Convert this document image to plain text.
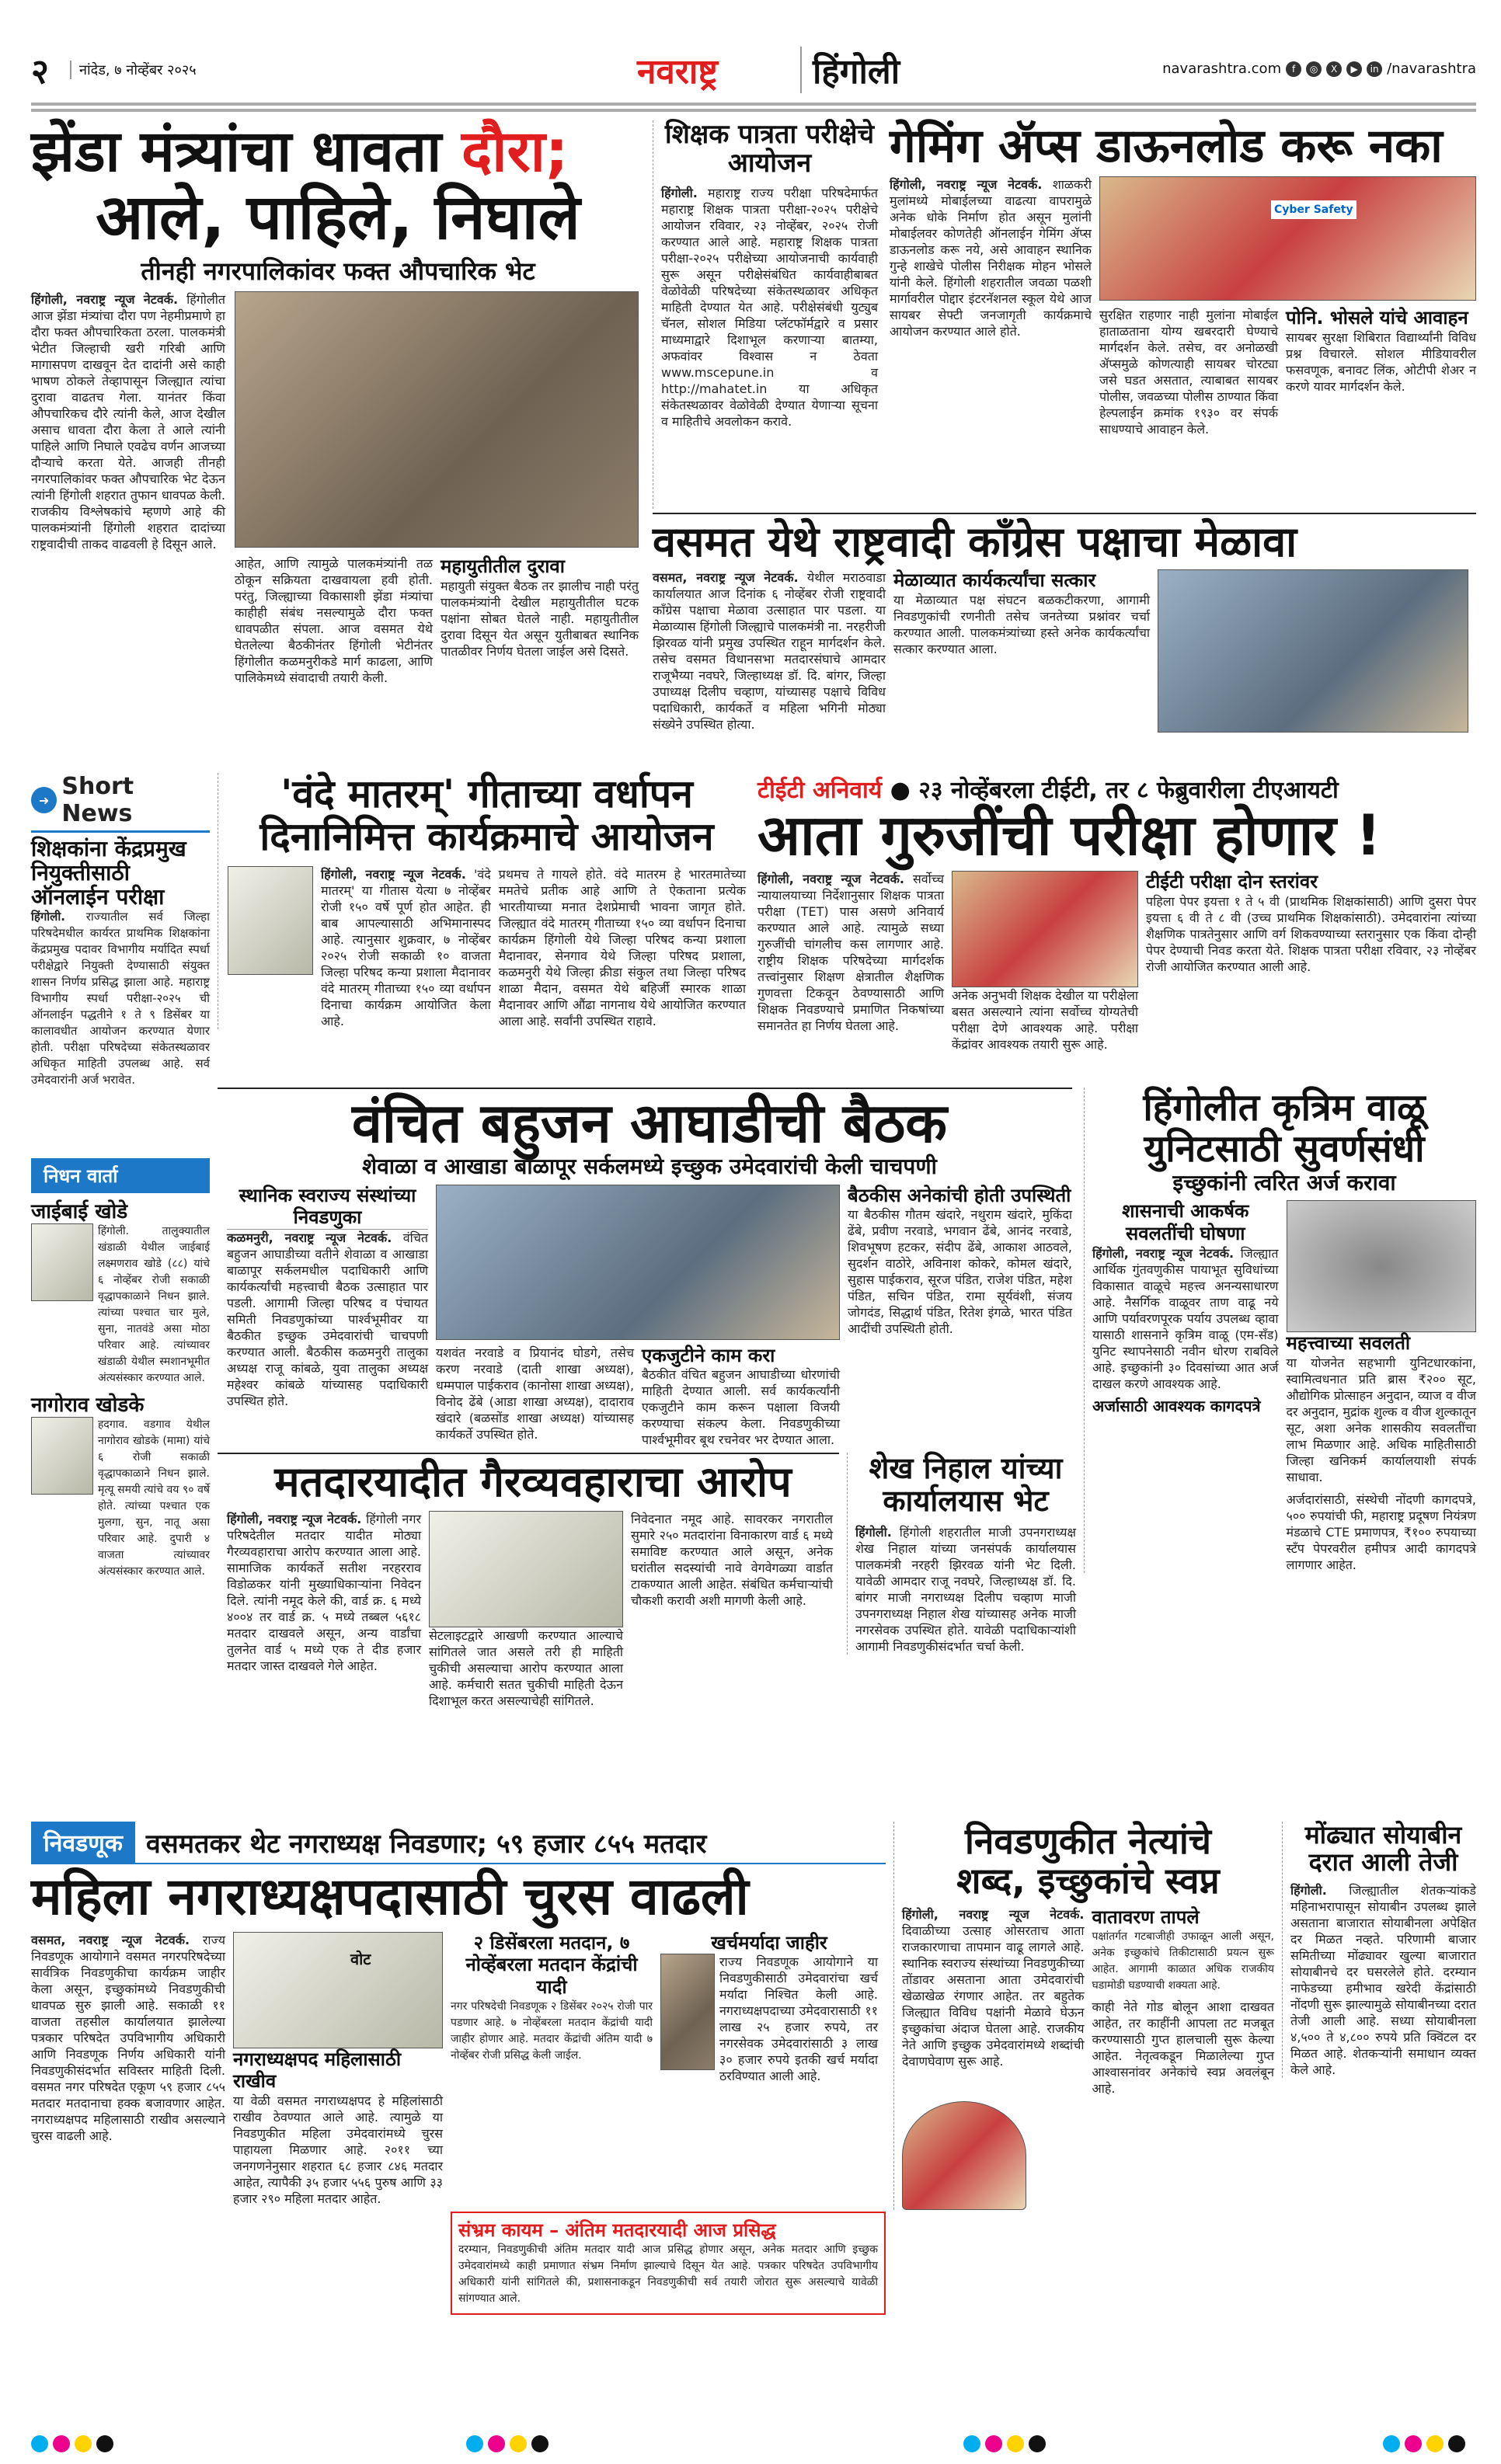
२	नांदेड, ७ नोव्हेंबर २०२५	नवराष्ट्र	हिंगोली	navarashtra.com	f	◎	X	▶	in /navarashtra
झेंडा मंत्र्यांचा धावता दौरा;
आले, पाहिले, निघाले
तीनही नगरपालिकांवर फक्त औपचारिक भेट
हिंगोली, नवराष्ट्र न्यूज नेटवर्क. हिंगोलीत आज झेंडा मंत्र्यांचा दौरा पण नेहमीप्रमाणे हा दौरा फक्त औपचारिकता ठरला. पालकमंत्री भेटीत जिल्हाची खरी गरिबी आणि मागासपण दाखवून देत दादांनी असे काही भाषण ठोकले तेव्हापासून जिल्ह्यात त्यांचा दुरावा वाढतच गेला. यानंतर किंवा औपचारिकच दौरे त्यांनी केले, आज देखील असाच धावता दौरा केला ते आले त्यांनी पाहिले आणि निघाले एवढेच वर्णन आजच्या दौऱ्याचे करता येते. आजही तीनही नगरपालिकांवर फक्त औपचारिक भेट देऊन त्यांनी हिंगोली शहरात तुफान धावपळ केली. राजकीय विश्लेषकांचे म्हणणे आहे की पालकमंत्र्यांनी हिंगोली शहरात दादांच्या राष्ट्रवादीची ताकद वाढवली हे दिसून आले.
आहेत, आणि त्यामुळे पालकमंत्र्यांनी तळ ठोकून सक्रियता दाखवायला हवी होती. परंतु, जिल्ह्याच्या विकासाशी झेंडा मंत्र्यांचा काहीही संबंध नसल्यामुळे दौरा फक्त धावपळीत संपला. आज वसमत येथे घेतलेल्या बैठकीनंतर हिंगोली भेटीनंतर हिंगोलीत कळमनुरीकडे मार्ग काढला, आणि पालिकेमध्ये संवादाची तयारी केली.
महायुतीतील दुरावा
महायुती संयुक्त बैठक तर झालीच नाही परंतु पालकमंत्र्यांनी देखील महायुतीतील घटक पक्षांना सोबत घेतले नाही. महायुतीतील दुरावा दिसून येत असून युतीबाबत स्थानिक पातळीवर निर्णय घेतला जाईल असे दिसते.
शिक्षक पात्रता परीक्षेचे आयोजन
हिंगोली. महाराष्ट्र राज्य परीक्षा परिषदेमार्फत महाराष्ट्र शिक्षक पात्रता परीक्षा-२०२५ परीक्षेचे आयोजन रविवार, २३ नोव्हेंबर, २०२५ रोजी करण्यात आले आहे. महाराष्ट्र शिक्षक पात्रता परीक्षा-२०२५ परीक्षेच्या आयोजनाची कार्यवाही सुरू असून परीक्षेसंबंधित कार्यवाहीबाबत वेळोवेळी परिषदेच्या संकेतस्थळावर अधिकृत माहिती देण्यात येत आहे. परीक्षेसंबंधी युट्युब चॅनल, सोशल मिडिया प्लॅटफॉर्मद्वारे व प्रसार माध्यमाद्वारे दिशाभूल करणाऱ्या बातम्या, अफवांवर विश्वास न ठेवता www.mscepune.in व http://mahatet.in या अधिकृत संकेतस्थळावर वेळोवेळी देण्यात येणाऱ्या सूचना व माहितीचे अवलोकन करावे.
गेमिंग ॲप्स डाऊनलोड करू नका
हिंगोली, नवराष्ट्र न्यूज नेटवर्क. शाळकरी मुलांमध्ये मोबाईलच्या वाढत्या वापरामुळे अनेक धोके निर्माण होत असून मुलांनी मोबाईलवर कोणतेही ऑनलाईन गेमिंग ॲप्स डाऊनलोड करू नये, असे आवाहन स्थानिक गुन्हे शाखेचे पोलीस निरीक्षक मोहन भोसले यांनी केले. हिंगोली शहरातील जवळा पळशी मार्गावरील पोद्दार इंटरनॅशनल स्कूल येथे आज सायबर सेफ्टी जनजागृती कार्यक्रमाचे आयोजन करण्यात आले होते.
Cyber Safety
सुरक्षित राहणार नाही मुलांना मोबाईल हाताळताना योग्य खबरदारी घेण्याचे मार्गदर्शन केले. तसेच, वर अनोळखी ॲप्समुळे कोणत्याही सायबर चोरट्या जसे घडत असतात, त्याबाबत सायबर पोलीस, जवळच्या पोलीस ठाण्यात किंवा हेल्पलाईन क्रमांक १९३० वर संपर्क साधण्याचे आवाहन केले.
पोनि. भोसले यांचे आवाहन
सायबर सुरक्षा शिबिरात विद्यार्थ्यांनी विविध प्रश्न विचारले. सोशल मीडियावरील फसवणूक, बनावट लिंक, ओटीपी शेअर न करणे यावर मार्गदर्शन केले.
वसमत येथे राष्ट्रवादी काँग्रेस पक्षाचा मेळावा
वसमत, नवराष्ट्र न्यूज नेटवर्क. येथील मराठवाडा कार्यालयात आज दिनांक ६ नोव्हेंबर रोजी राष्ट्रवादी काँग्रेस पक्षाचा मेळावा उत्साहात पार पडला. या मेळाव्यास हिंगोली जिल्ह्याचे पालकमंत्री ना. नरहरीजी झिरवळ यांनी प्रमुख उपस्थित राहून मार्गदर्शन केले. तसेच वसमत विधानसभा मतदारसंघाचे आमदार राजूभैय्या नवघरे, जिल्हाध्यक्ष डॉ. दि. बांगर, जिल्हा उपाध्यक्ष दिलीप चव्हाण, यांच्यासह पक्षाचे विविध पदाधिकारी, कार्यकर्ते व महिला भगिनी मोठ्या संख्येने उपस्थित होत्या.
मेळाव्यात कार्यकर्त्यांचा सत्कार
या मेळाव्यात पक्ष संघटन बळकटीकरणा, आगामी निवडणुकांची रणनीती तसेच जनतेच्या प्रश्नांवर चर्चा करण्यात आली. पालकमंत्र्यांच्या हस्ते अनेक कार्यकर्त्यांचा सत्कार करण्यात आला.
➜ Short News
शिक्षकांना केंद्रप्रमुख नियुक्तीसाठी ऑनलाईन परीक्षा
हिंगोली. राज्यातील सर्व जिल्हा परिषदेमधील कार्यरत प्राथमिक शिक्षकांना केंद्रप्रमुख पदावर विभागीय मर्यादित स्पर्धा परीक्षेद्वारे नियुक्ती देण्यासाठी संयुक्त शासन निर्णय प्रसिद्ध झाला आहे. महाराष्ट्र विभागीय स्पर्धा परीक्षा-२०२५ ची ऑनलाईन पद्धतीने १ ते ९ डिसेंबर या कालावधीत आयोजन करण्यात येणार होती. परीक्षा परिषदेच्या संकेतस्थळावर अधिकृत माहिती उपलब्ध आहे. सर्व उमेदवारांनी अर्ज भरावेत.
निधन वार्ता
जाईबाई खोडे
हिंगोली. तालुक्यातील खंडाळी येथील जाईबाई लक्ष्मणराव खोडे (८८) यांचे ६ नोव्हेंबर रोजी सकाळी वृद्धापकाळाने निधन झाले. त्यांच्या पश्चात चार मुले, सुना, नातवंडे असा मोठा परिवार आहे. त्यांच्यावर खंडाळी येथील स्मशानभूमीत अंत्यसंस्कार करण्यात आले.
नागोराव खोडके
हदगाव. वडगाव येथील नागोराव खोडके (मामा) यांचे ६ रोजी सकाळी वृद्धापकाळाने निधन झाले. मृत्यू समयी त्यांचे वय ९० वर्षे होते. त्यांच्या पश्चात एक मुलगा, सुन, नातू असा परिवार आहे. दुपारी ४ वाजता त्यांच्यावर अंत्यसंस्कार करण्यात आले.
'वंदे मातरम्' गीताच्या वर्धापन
दिनानिमित्त कार्यक्रमाचे आयोजन
हिंगोली, नवराष्ट्र न्यूज नेटवर्क. 'वंदे मातरम्' या गीतास येत्या ७ नोव्हेंबर रोजी १५० वर्षे पूर्ण होत आहेत. ही बाब आपल्यासाठी अभिमानास्पद आहे. त्यानुसार शुक्रवार, ७ नोव्हेंबर २०२५ रोजी सकाळी १० वाजता जिल्हा परिषद कन्या प्रशाला मैदानावर वंदे मातरम् गीताच्या १५० व्या वर्धापन दिनाचा कार्यक्रम आयोजित केला आहे.
प्रथमच ते गायले होते. वंदे मातरम हे भारतमातेच्या ममतेचे प्रतीक आहे आणि ते ऐकताना प्रत्येक भारतीयाच्या मनात देशप्रेमाची भावना जागृत होते. जिल्ह्यात वंदे मातरम् गीताच्या १५० व्या वर्धापन दिनाचा कार्यक्रम हिंगोली येथे जिल्हा परिषद कन्या प्रशाला मैदानावर, सेनगाव येथे जिल्हा परिषद प्रशाला, कळमनुरी येथे जिल्हा क्रीडा संकुल तथा जिल्हा परिषद शाळा मैदान, वसमत येथे बहिर्जी स्मारक शाळा मैदानावर आणि औंढा नागनाथ येथे आयोजित करण्यात आला आहे. सर्वांनी उपस्थित राहावे.
टीईटी अनिवार्य ● २३ नोव्हेंबरला टीईटी, तर ८ फेब्रुवारीला टीएआयटी
आता गुरुजींची परीक्षा होणार !
हिंगोली, नवराष्ट्र न्यूज नेटवर्क. सर्वोच्च न्यायालयाच्या निर्देशानुसार शिक्षक पात्रता परीक्षा (TET) पास असणे अनिवार्य करण्यात आले आहे. त्यामुळे सध्या गुरुजींची चांगलीच कस लागणार आहे. राष्ट्रीय शिक्षक परिषदेच्या मार्गदर्शक तत्त्वांनुसार शिक्षण क्षेत्रातील शैक्षणिक गुणवत्ता टिकवून ठेवण्यासाठी आणि शिक्षक निवडण्याचे प्रमाणित निकषांच्या समानतेत हा निर्णय घेतला आहे.
अनेक अनुभवी शिक्षक देखील या परीक्षेला बसत असल्याने त्यांना सर्वोच्च योग्यतेची परीक्षा देणे आवश्यक आहे. परीक्षा केंद्रांवर आवश्यक तयारी सुरू आहे.
टीईटी परीक्षा दोन स्तरांवर
पहिला पेपर इयत्ता १ ते ५ वी (प्राथमिक शिक्षकांसाठी) आणि दुसरा पेपर इयत्ता ६ वी ते ८ वी (उच्च प्राथमिक शिक्षकांसाठी). उमेदवारांना त्यांच्या शैक्षणिक पात्रतेनुसार आणि वर्ग शिकवण्याच्या स्तरानुसार एक किंवा दोन्ही पेपर देण्याची निवड करता येते. शिक्षक पात्रता परीक्षा रविवार, २३ नोव्हेंबर रोजी आयोजित करण्यात आली आहे.
वंचित बहुजन आघाडीची बैठक
शेवाळा व आखाडा बाळापूर सर्कलमध्ये इच्छुक उमेदवारांची केली चाचपणी
स्थानिक स्वराज्य संस्थांच्या निवडणुका
कळमनुरी, नवराष्ट्र न्यूज नेटवर्क. वंचित बहुजन आघाडीच्या वतीने शेवाळा व आखाडा बाळापूर सर्कलमधील पदाधिकारी आणि कार्यकर्त्यांची महत्त्वाची बैठक उत्साहात पार पडली. आगामी जिल्हा परिषद व पंचायत समिती निवडणुकांच्या पार्श्वभूमीवर या बैठकीत इच्छुक उमेदवारांची चाचपणी करण्यात आली. बैठकीस कळमनुरी तालुका अध्यक्ष राजू कांबळे, युवा तालुका अध्यक्ष महेश्वर कांबळे यांच्यासह पदाधिकारी उपस्थित होते.
यशवंत नरवाडे व प्रियानंद घोडगे, तसेच करण नरवाडे (दाती शाखा अध्यक्ष), धम्मपाल पाईकराव (कानोसा शाखा अध्यक्ष), विनोद ढेंबे (आडा शाखा अध्यक्ष), दादाराव खंदारे (बळसोंड शाखा अध्यक्ष) यांच्यासह कार्यकर्ते उपस्थित होते.
एकजुटीने काम करा
बैठकीत वंचित बहुजन आघाडीच्या धोरणांची माहिती देण्यात आली. सर्व कार्यकर्त्यांनी एकजुटीने काम करून पक्षाला विजयी करण्याचा संकल्प केला. निवडणुकीच्या पार्श्वभूमीवर बूथ रचनेवर भर देण्यात आला.
बैठकीस अनेकांची होती उपस्थिती
या बैठकीस गौतम खंदारे, नथुराम खंदारे, मुकिंदा ढेंबे, प्रवीण नरवाडे, भगवान ढेंबे, आनंद नरवाडे, शिवभूषण हटकर, संदीप ढेंबे, आकाश आठवले, सुदर्शन वाठोरे, अविनाश कोकरे, कोमल खंदारे, सुहास पाईकराव, सूरज पंडित, राजेश पंडित, महेश पंडित, सचिन पंडित, रामा सूर्यवंशी, संजय जोगदंड, सिद्धार्थ पंडित, रितेश इंगळे, भारत पंडित आदींची उपस्थिती होती.
हिंगोलीत कृत्रिम वाळू
युनिटसाठी सुवर्णसंधी
इच्छुकांनी त्वरित अर्ज करावा
शासनाची आकर्षक सवलतींची घोषणा
हिंगोली, नवराष्ट्र न्यूज नेटवर्क. जिल्ह्यात आर्थिक गुंतवणुकीस पायाभूत सुविधांच्या विकासात वाळूचे महत्त्व अनन्यसाधारण आहे. नैसर्गिक वाळूवर ताण वाढू नये आणि पर्यावरणपूरक पर्याय उपलब्ध व्हावा यासाठी शासनाने कृत्रिम वाळू (एम-सँड) युनिट स्थापनेसाठी नवीन धोरण राबविले आहे. इच्छुकांनी ३० दिवसांच्या आत अर्ज दाखल करणे आवश्यक आहे.
अर्जासाठी आवश्यक कागदपत्रे
महत्त्वाच्या सवलती
या योजनेत सहभागी युनिटधारकांना, स्वामित्वधनात प्रति ब्रास ₹२०० सूट, औद्योगिक प्रोत्साहन अनुदान, व्याज व वीज दर अनुदान, मुद्रांक शुल्क व वीज शुल्कातून सूट, अशा अनेक शासकीय सवलतींचा लाभ मिळणार आहे. अधिक माहितीसाठी जिल्हा खनिकर्म कार्यालयाशी संपर्क साधावा.
अर्जदारांसाठी, संस्थेची नोंदणी कागदपत्रे, ५०० रुपयांची फी, महाराष्ट्र प्रदूषण नियंत्रण मंडळाचे CTE प्रमाणपत्र, ₹१०० रुपयाच्या स्टँप पेपरवरील हमीपत्र आदी कागदपत्रे लागणार आहेत.
मतदारयादीत गैरव्यवहाराचा आरोप
हिंगोली, नवराष्ट्र न्यूज नेटवर्क. हिंगोली नगर परिषदेतील मतदार यादीत मोठ्या गैरव्यवहाराचा आरोप करण्यात आला आहे. सामाजिक कार्यकर्ते सतीश नरहरराव विडोळकर यांनी मुख्याधिकाऱ्यांना निवेदन दिले. त्यांनी नमूद केले की, वार्ड क्र. ६ मध्ये ४००४ तर वार्ड क्र. ५ मध्ये तब्बल ५६१८ मतदार दाखवले असून, अन्य वार्डांचा तुलनेत वार्ड ५ मध्ये एक ते दीड हजार मतदार जास्त दाखवले गेले आहेत.
सेटलाइटद्वारे आखणी करण्यात आल्याचे सांगितले जात असले तरी ही माहिती चुकीची असल्याचा आरोप करण्यात आला आहे. कर्मचारी सतत चुकीची माहिती देऊन दिशाभूल करत असल्याचेही सांगितले.
निवेदनात नमूद आहे. सावरकर नगरातील सुमारे २५० मतदारांना विनाकारण वार्ड ६ मध्ये समाविष्ट करण्यात आले असून, अनेक घरांतील सदस्यांची नावे वेगवेगळ्या वार्डात टाकण्यात आली आहेत. संबंधित कर्मचाऱ्यांची चौकशी करावी अशी मागणी केली आहे.
शेख निहाल यांच्या कार्यालयास भेट
हिंगोली. हिंगोली शहरातील माजी उपनगराध्यक्ष शेख निहाल यांच्या जनसंपर्क कार्यालयास पालकमंत्री नरहरी झिरवळ यांनी भेट दिली. यावेळी आमदार राजू नवघरे, जिल्हाध्यक्ष डॉ. दि. बांगर माजी नगराध्यक्ष दिलीप चव्हाण माजी उपनगराध्यक्ष निहाल शेख यांच्यासह अनेक माजी नगरसेवक उपस्थित होते. यावेळी पदाधिकाऱ्यांशी आगामी निवडणुकीसंदर्भात चर्चा केली.
निवडणूक वसमतकर थेट नगराध्यक्ष निवडणार; ५९ हजार ८५५ मतदार
महिला नगराध्यक्षपदासाठी चुरस वाढली
वसमत, नवराष्ट्र न्यूज नेटवर्क. राज्य निवडणूक आयोगाने वसमत नगरपरिषदेच्या सार्वत्रिक निवडणुकीचा कार्यक्रम जाहीर केला असून, इच्छुकांमध्ये निवडणुकीची धावपळ सुरु झाली आहे. सकाळी ११ वाजता तहसील कार्यालयात झालेल्या पत्रकार परिषदेत उपविभागीय अधिकारी आणि निवडणूक निर्णय अधिकारी यांनी निवडणुकीसंदर्भात सविस्तर माहिती दिली. वसमत नगर परिषदेत एकूण ५९ हजार ८५५ मतदार मतदानाचा हक्क बजावणार आहेत. नगराध्यक्षपद महिलासाठी राखीव असल्याने चुरस वाढली आहे.
वोट
नगराध्यक्षपद महिलासाठी राखीव
या वेळी वसमत नगराध्यक्षपद हे महिलांसाठी राखीव ठेवण्यात आले आहे. त्यामुळे या निवडणुकीत महिला उमेदवारांमध्ये चुरस पाहायला मिळणार आहे. २०११ च्या जनगणनेनुसार शहरात ६८ हजार ८४६ मतदार आहेत, त्यापैकी ३५ हजार ५५६ पुरुष आणि ३३ हजार २९० महिला मतदार आहेत.
२ डिसेंबरला मतदान, ७ नोव्हेंबरला मतदान केंद्रांची यादी
नगर परिषदेची निवडणूक २ डिसेंबर २०२५ रोजी पार पडणार आहे. ७ नोव्हेंबरला मतदान केंद्रांची यादी जाहीर होणार आहे. मतदार केंद्रांची अंतिम यादी ७ नोव्हेंबर रोजी प्रसिद्ध केली जाईल.
खर्चमर्यादा जाहीर
राज्य निवडणूक आयोगाने या निवडणुकीसाठी उमेदवारांचा खर्च मर्यादा निश्चित केली आहे. नगराध्यक्षपदाच्या उमेदवारासाठी ११ लाख २५ हजार रुपये, तर नगरसेवक उमेदवारांसाठी ३ लाख ३० हजार रुपये इतकी खर्च मर्यादा ठरविण्यात आली आहे.
संभ्रम कायम – अंतिम मतदारयादी आज प्रसिद्ध
दरम्यान, निवडणुकीची अंतिम मतदार यादी आज प्रसिद्ध होणार असून, अनेक मतदार आणि इच्छुक उमेदवारांमध्ये काही प्रमाणात संभ्रम निर्माण झाल्याचे दिसून येत आहे. पत्रकार परिषदेत उपविभागीय अधिकारी यांनी सांगितले की, प्रशासनाकडून निवडणुकीची सर्व तयारी जोरात सुरू असल्याचे यावेळी सांगण्यात आले.
निवडणुकीत नेत्यांचे
शब्द, इच्छुकांचे स्वप्न
हिंगोली, नवराष्ट्र न्यूज नेटवर्क. दिवाळीच्या उत्साह ओसरताच आता राजकारणाचा तापमान वाढू लागले आहे. स्थानिक स्वराज्य संस्थांच्या निवडणुकीच्या तोंडावर असताना आता उमेदवारांची खेळाखेळ रंगणार आहेत. तर बहुतेक जिल्ह्यात विविध पक्षांनी मेळावे घेऊन इच्छुकांचा अंदाज घेतला आहे. राजकीय नेते आणि इच्छुक उमेदवारांमध्ये शब्दांची देवाणघेवाण सुरू आहे.
वातावरण तापले
पक्षांतर्गत गटबाजीही उफाळून आली असून, अनेक इच्छुकांचे तिकीटासाठी प्रयत्न सुरू आहेत. आगामी काळात अधिक राजकीय घडामोडी घडण्याची शक्यता आहे.
काही नेते गोड बोलून आशा दाखवत आहेत, तर काहींनी आपला तट मजबूत करण्यासाठी गुप्त हालचाली सुरू केल्या आहेत. नेतृत्वकडून मिळालेल्या गुप्त आश्वासनांवर अनेकांचे स्वप्न अवलंबून आहे.
मोंढ्यात सोयाबीन दरात आली तेजी
हिंगोली. जिल्ह्यातील शेतकऱ्यांकडे महिनाभरापासून सोयाबीन उपलब्ध झाले असताना बाजारात सोयाबीनला अपेक्षित दर मिळत नव्हते. परिणामी बाजार समितीच्या मोंढ्यावर खुल्या बाजारात सोयाबीनचे दर घसरलेले होते. दरम्यान नाफेडच्या हमीभाव खरेदी केंद्रांसाठी नोंदणी सुरू झाल्यामुळे सोयाबीनच्या दरात तेजी आली आहे. सध्या सोयाबीनला ४,५०० ते ४,८०० रुपये प्रति क्विंटल दर मिळत आहे. शेतकऱ्यांनी समाधान व्यक्त केले आहे.
